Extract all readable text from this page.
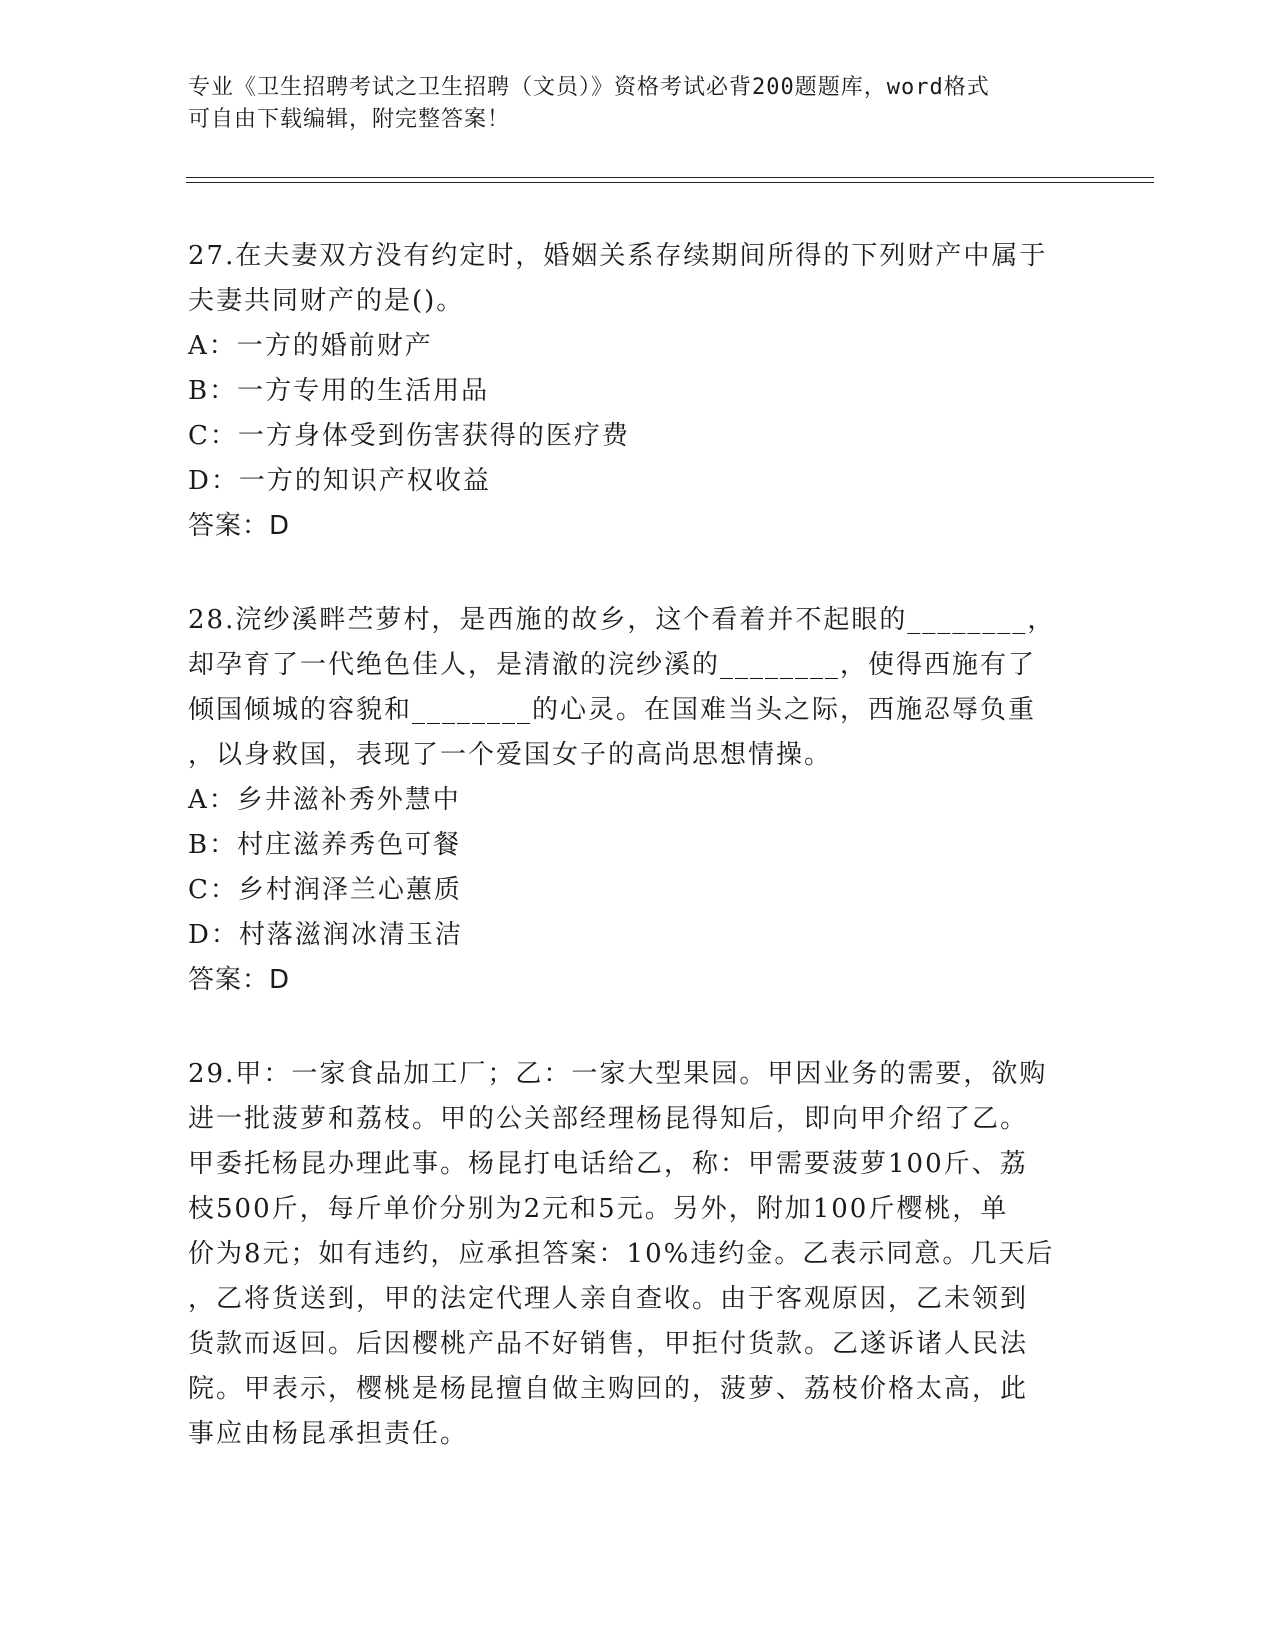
专业《卫生招聘考试之卫生招聘（文员）》资格考试必背200题题库，word格式
可自由下载编辑，附完整答案！
27.在夫妻双方没有约定时，婚姻关系存续期间所得的下列财产中属于
夫妻共同财产的是()。
A：一方的婚前财产
B：一方专用的生活用品
C：一方身体受到伤害获得的医疗费
D：一方的知识产权收益
答案：D
28.浣纱溪畔苎萝村，是西施的故乡，这个看着并不起眼的________，
却孕育了一代绝色佳人，是清澈的浣纱溪的________，使得西施有了
倾国倾城的容貌和________的心灵。在国难当头之际，西施忍辱负重
，以身救国，表现了一个爱国女子的高尚思想情操。
A：乡井滋补秀外慧中
B：村庄滋养秀色可餐
C：乡村润泽兰心蕙质
D：村落滋润冰清玉洁
答案：D
29.甲：一家食品加工厂；乙：一家大型果园。甲因业务的需要，欲购
进一批菠萝和荔枝。甲的公关部经理杨昆得知后，即向甲介绍了乙。
甲委托杨昆办理此事。杨昆打电话给乙，称：甲需要菠萝100斤、荔
枝500斤，每斤单价分别为2元和5元。另外，附加100斤樱桃，单
价为8元；如有违约，应承担答案：10%违约金。乙表示同意。几天后
，乙将货送到，甲的法定代理人亲自查收。由于客观原因，乙未领到
货款而返回。后因樱桃产品不好销售，甲拒付货款。乙遂诉诸人民法
院。甲表示，樱桃是杨昆擅自做主购回的，菠萝、荔枝价格太高，此
事应由杨昆承担责任。
